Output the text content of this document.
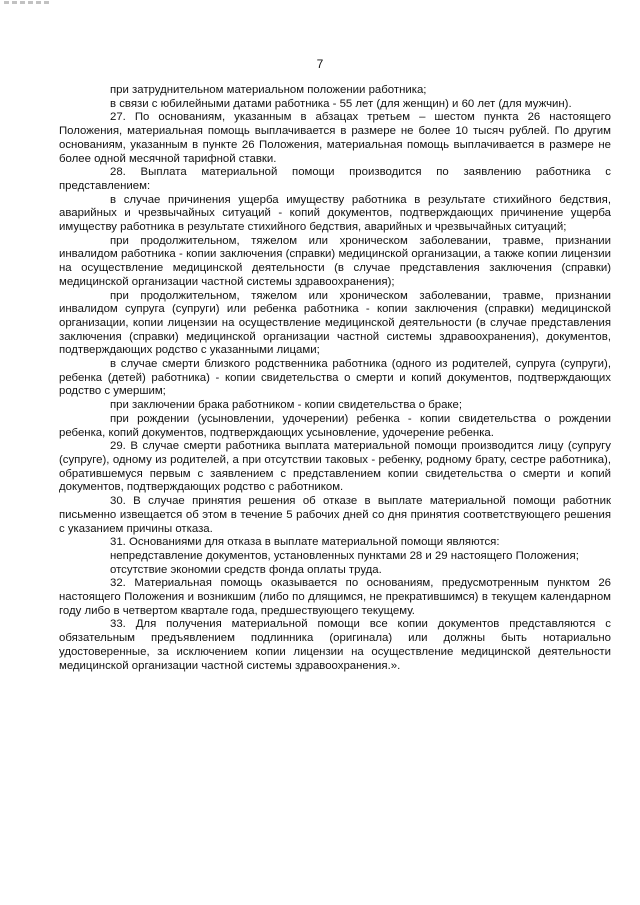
7

при затруднительном материальном положении работника;

в связи с юбилейными датами работника - 55 лет (для женщин) и 60 лет (для мужчин).

27. По основаниям, указанным в абзацах третьем – шестом пункта 26 настоящего Положения, материальная помощь выплачивается в размере не более 10 тысяч рублей. По другим основаниям, указанным в пункте 26 Положения, материальная помощь выплачивается в размере не более одной месячной тарифной ставки.

28. Выплата материальной помощи производится по заявлению работника с представлением:

в случае причинения ущерба имуществу работника в результате стихийного бедствия, аварийных и чрезвычайных ситуаций - копий документов, подтверждающих причинение ущерба имуществу работника в результате стихийного бедствия, аварийных и чрезвычайных ситуаций;

при продолжительном, тяжелом или хроническом заболевании, травме, признании инвалидом работника - копии заключения (справки) медицинской организации, а также копии лицензии на осуществление медицинской деятельности (в случае представления заключения (справки) медицинской организации частной системы здравоохранения);

при продолжительном, тяжелом или хроническом заболевании, травме, признании инвалидом супруга (супруги) или ребенка работника - копии заключения (справки) медицинской организации, копии лицензии на осуществление медицинской деятельности (в случае представления заключения (справки) медицинской организации частной системы здравоохранения), документов, подтверждающих родство с указанными лицами;

в случае смерти близкого родственника работника (одного из родителей, супруга (супруги), ребенка (детей) работника) - копии свидетельства о смерти и копий документов, подтверждающих родство с умершим;

при заключении брака работником - копии свидетельства о браке;

при рождении (усыновлении, удочерении) ребенка - копии свидетельства о рождении ребенка, копий документов, подтверждающих усыновление, удочерение ребенка.

29. В случае смерти работника выплата материальной помощи производится лицу (супругу (супруге), одному из родителей, а при отсутствии таковых - ребенку, родному брату, сестре работника), обратившемуся первым с заявлением с представлением копии свидетельства о смерти и копий документов, подтверждающих родство с работником.

30. В случае принятия решения об отказе в выплате материальной помощи работник письменно извещается об этом в течение 5 рабочих дней со дня принятия соответствующего решения с указанием причины отказа.

31. Основаниями для отказа в выплате материальной помощи являются:

непредставление документов, установленных пунктами 28 и 29 настоящего Положения;

отсутствие экономии средств фонда оплаты труда.

32. Материальная помощь оказывается по основаниям, предусмотренным пунктом 26 настоящего Положения и возникшим (либо по длящимся, не прекратившимся) в текущем календарном году либо в четвертом квартале года, предшествующего текущему.

33. Для получения материальной помощи все копии документов представляются с обязательным предъявлением подлинника (оригинала) или должны быть нотариально удостоверенные, за исключением копии лицензии на осуществление медицинской деятельности медицинской организации частной системы здравоохранения.».
